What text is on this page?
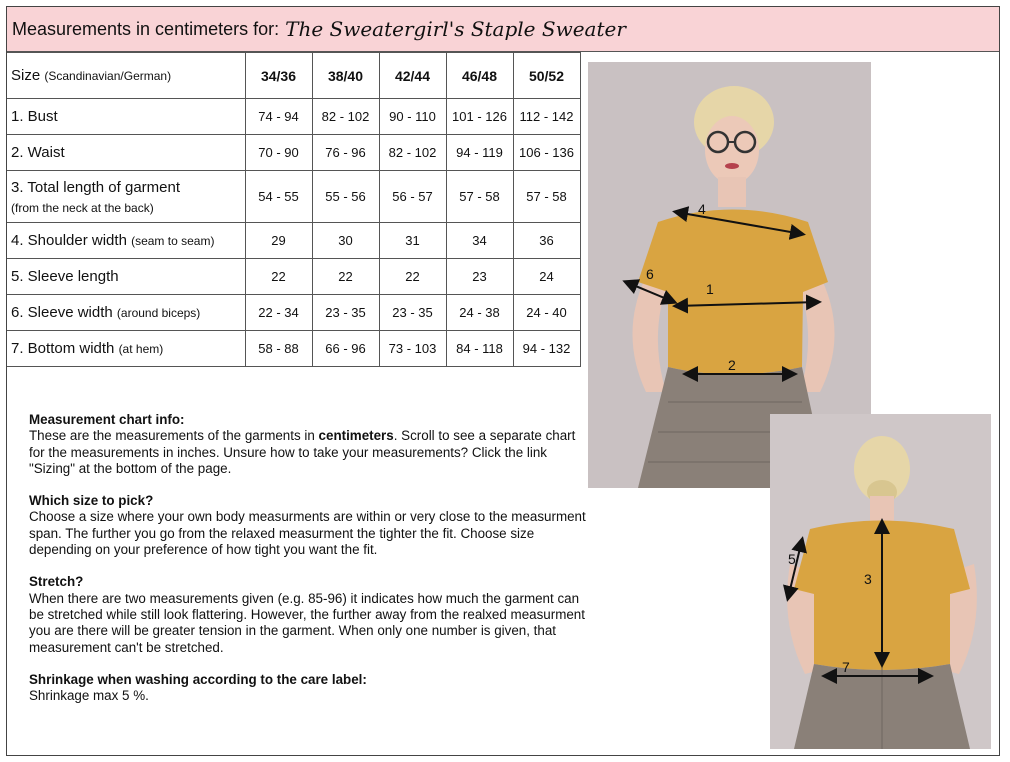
Measurements in centimeters for: The Sweatergirl's Staple Sweater
Size (Scandinavian/German)	34/36	38/40	42/44	46/48	50/52
1. Bust	74 - 94	82 - 102	90 - 110	101 - 126	112 - 142
2. Waist	70 - 90	76 - 96	82 - 102	94 - 119	106 - 136

3. Total length of garment
(from the neck at the back)	54 - 55	55 - 56	56 - 57	57 - 58	57 - 58
4. Shoulder width (seam to seam)	29	30	31	34	36
5. Sleeve length	22	22	22	23	24
6. Sleeve width (around biceps)	22 - 34	23 - 35	23 - 35	24 - 38	24 - 40
7. Bottom width (at hem)	58 - 88	66 - 96	73 - 103	84 - 118	94 - 132
Measurement chart info:

These are the measurements of the garments in centimeters. Scroll to see a separate chart for the measurements in inches. Unsure how to take your measurements? Click the link "Sizing" at the bottom of the page.

Which size to pick?

Choose a size where your own body measurments are within or very close to the measurment span. The further you go from the relaxed measurment the tighter the fit. Choose size depending on your preference of how tight you want the fit.

Stretch?

When there are two measurements given (e.g. 85-96) it indicates how much the garment can be stretched while still look flattering. However, the further away from the realxed measurment you are there will be greater tension in the garment. When only one number is given, that measurement can't be stretched.

Shrinkage when washing according to the care label:

Shrinkage max 5 %.

4
6
1
2
5
3
7
